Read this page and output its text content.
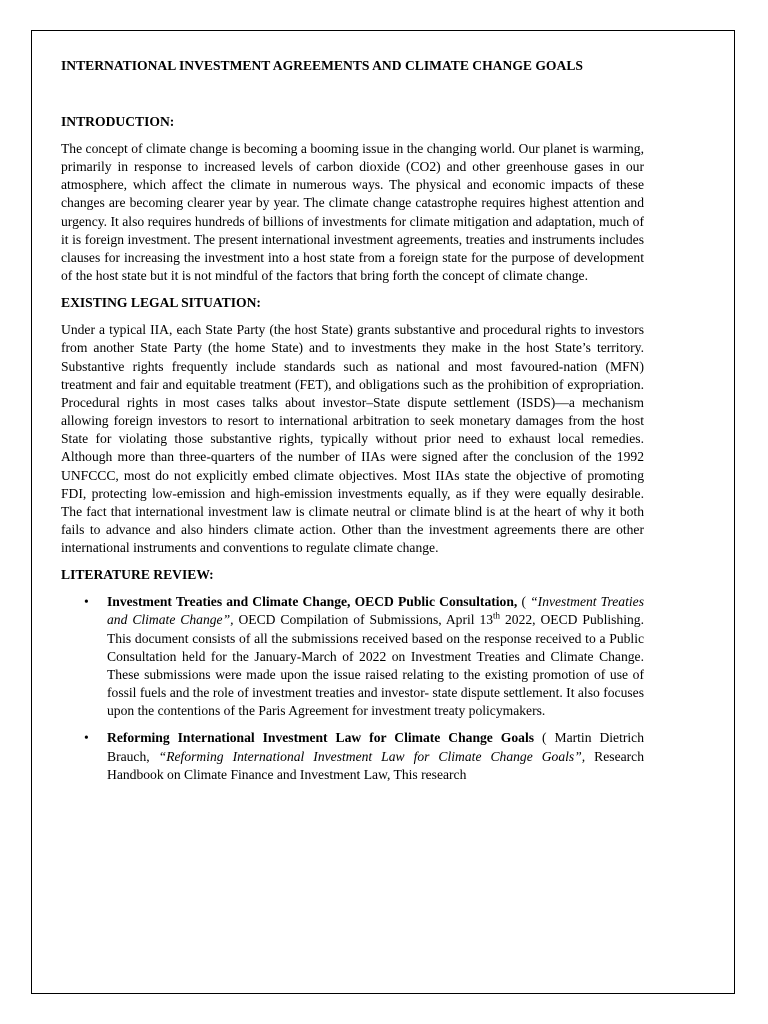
INTERNATIONAL INVESTMENT AGREEMENTS AND CLIMATE CHANGE GOALS
INTRODUCTION:
The concept of climate change is becoming a booming issue in the changing world. Our planet is warming, primarily in response to increased levels of carbon dioxide (CO2) and other greenhouse gases in our atmosphere, which affect the climate in numerous ways. The physical and economic impacts of these changes are becoming clearer year by year. The climate change catastrophe requires highest attention and urgency. It also requires hundreds of billions of investments for climate mitigation and adaptation, much of it is foreign investment. The present international investment agreements, treaties and instruments includes clauses for increasing the investment into a host state from a foreign state for the purpose of development of the host state but it is not mindful of the factors that bring forth the concept of climate change.
EXISTING LEGAL SITUATION:
Under a typical IIA, each State Party (the host State) grants substantive and procedural rights to investors from another State Party (the home State) and to investments they make in the host State’s territory. Substantive rights frequently include standards such as national and most favoured-nation (MFN) treatment and fair and equitable treatment (FET), and obligations such as the prohibition of expropriation. Procedural rights in most cases talks about investor–State dispute settlement (ISDS)—a mechanism allowing foreign investors to resort to international arbitration to seek monetary damages from the host State for violating those substantive rights, typically without prior need to exhaust local remedies. Although more than three-quarters of the number of IIAs were signed after the conclusion of the 1992 UNFCCC, most do not explicitly embed climate objectives. Most IIAs state the objective of promoting FDI, protecting low-emission and high-emission investments equally, as if they were equally desirable. The fact that international investment law is climate neutral or climate blind is at the heart of why it both fails to advance and also hinders climate action. Other than the investment agreements there are other international instruments and conventions to regulate climate change.
LITERATURE REVIEW:
• Investment Treaties and Climate Change, OECD Public Consultation, ( “Investment Treaties and Climate Change”, OECD Compilation of Submissions, April 13th 2022, OECD Publishing. This document consists of all the submissions received based on the response received to a Public Consultation held for the January-March of 2022 on Investment Treaties and Climate Change. These submissions were made upon the issue raised relating to the existing promotion of use of fossil fuels and the role of investment treaties and investor- state dispute settlement. It also focuses upon the contentions of the Paris Agreement for investment treaty policymakers.
• Reforming International Investment Law for Climate Change Goals ( Martin Dietrich Brauch, “Reforming International Investment Law for Climate Change Goals”, Research Handbook on Climate Finance and Investment Law, This research
